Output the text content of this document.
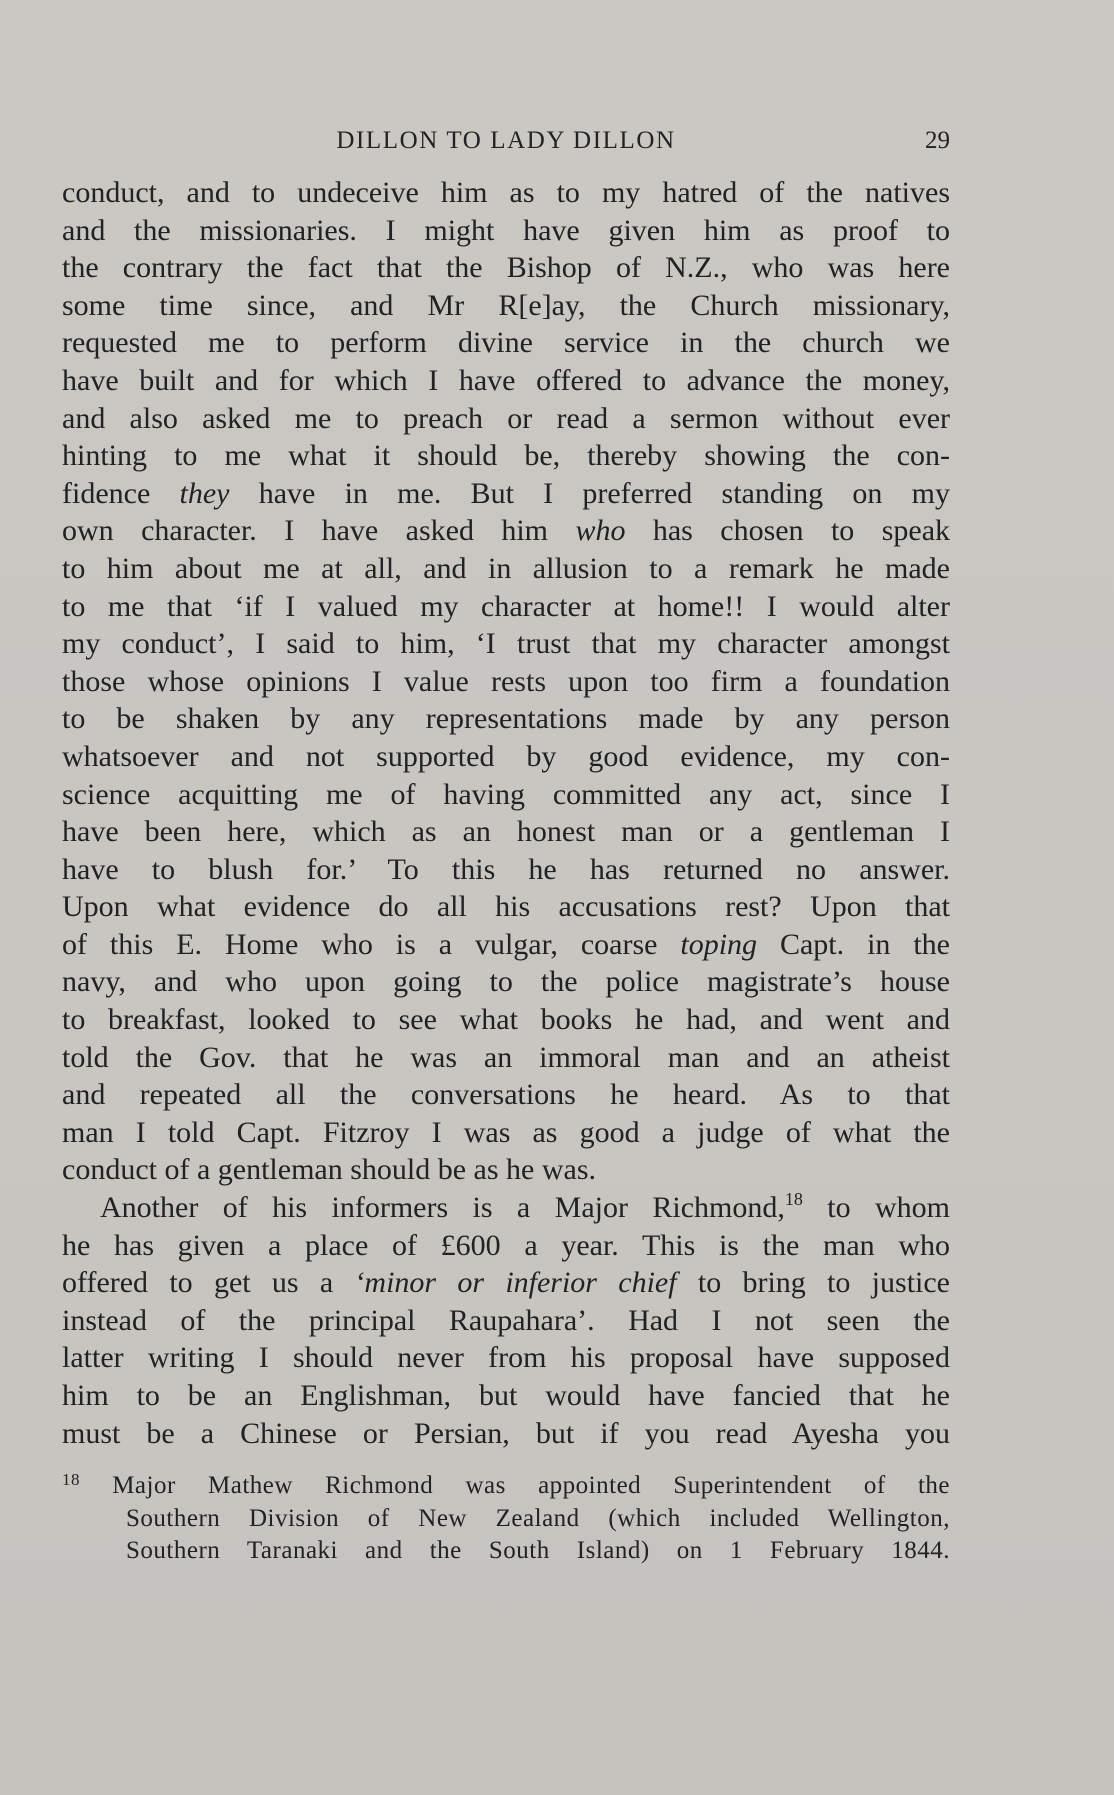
DILLON TO LADY DILLON	29
conduct, and to undeceive him as to my hatred of the natives
and the missionaries. I might have given him as proof to
the contrary the fact that the Bishop of N.Z., who was here
some time since, and Mr R[e]ay, the Church missionary,
requested me to perform divine service in the church we
have built and for which I have offered to advance the money,
and also asked me to preach or read a sermon without ever
hinting to me what it should be, thereby showing the con-
fidence they have in me. But I preferred standing on my
own character. I have asked him who has chosen to speak
to him about me at all, and in allusion to a remark he made
to me that ‘if I valued my character at home!! I would alter
my conduct’, I said to him, ‘I trust that my character amongst
those whose opinions I value rests upon too firm a foundation
to be shaken by any representations made by any person
whatsoever and not supported by good evidence, my con-
science acquitting me of having committed any act, since I
have been here, which as an honest man or a gentleman I
have to blush for.’ To this he has returned no answer.
Upon what evidence do all his accusations rest? Upon that
of this E. Home who is a vulgar, coarse toping Capt. in the
navy, and who upon going to the police magistrate’s house
to breakfast, looked to see what books he had, and went and
told the Gov. that he was an immoral man and an atheist
and repeated all the conversations he heard. As to that
man I told Capt. Fitzroy I was as good a judge of what the
conduct of a gentleman should be as he was.
Another of his informers is a Major Richmond,$^{18}$ to whom
he has given a place of £600 a year. This is the man who
offered to get us a ‘minor or inferior chief to bring to justice
instead of the principal Raupahara’. Had I not seen the
latter writing I should never from his proposal have supposed
him to be an Englishman, but would have fancied that he
must be a Chinese or Persian, but if you read Ayesha you
$^{18}$ Major Mathew Richmond was appointed Superintendent of the
Southern Division of New Zealand (which included Wellington,
Southern Taranaki and the South Island) on 1 February 1844.
